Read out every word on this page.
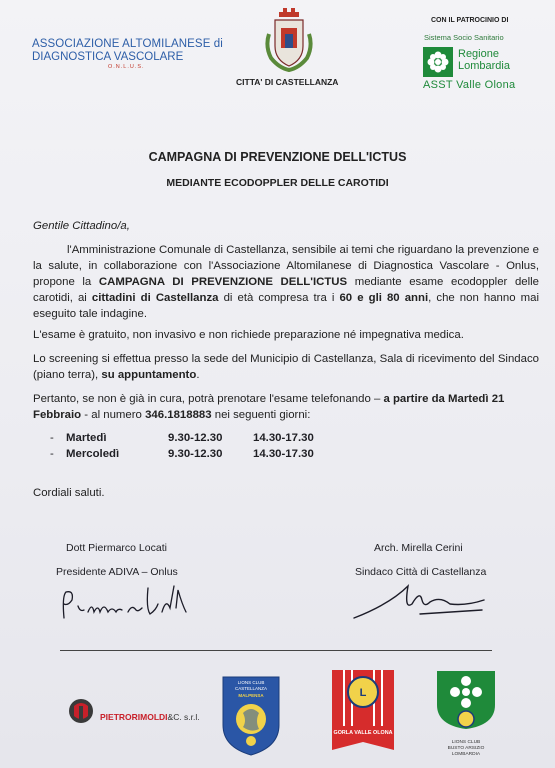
ASSOCIAZIONE ALTOMILANESE di
DIAGNOSTICA VASCOLARE
O.N.L.U.S.
CITTA' DI CASTELLANZA
CON IL PATROCINIO DI
Sistema Socio Sanitario
Regione
Lombardia
ASST Valle Olona
CAMPAGNA DI PREVENZIONE DELL'ICTUS
MEDIANTE ECODOPPLER DELLE CAROTIDI
Gentile Cittadino/a,
l'Amministrazione Comunale di Castellanza, sensibile ai temi che riguardano la prevenzione e la salute, in collaborazione con l'Associazione Altomilanese di Diagnostica Vascolare - Onlus, propone la CAMPAGNA DI PREVENZIONE DELL'ICTUS mediante esame ecodoppler delle carotidi, ai cittadini di Castellanza di età compresa tra i 60 e gli 80 anni, che non hanno mai eseguito tale indagine.
L'esame è gratuito, non invasivo e non richiede preparazione né impegnativa medica.
Lo screening si effettua presso la sede del Municipio di Castellanza, Sala di ricevimento del Sindaco (piano terra), su appuntamento.
Pertanto, se non è già in cura, potrà prenotare l'esame telefonando – a partire da Martedì 21 Febbraio - al numero 346.1818883 nei seguenti giorni:
- Martedì	9.30-12.30	14.30-17.30
- Mercoledì	9.30-12.30	14.30-17.30
Cordiali saluti.
Dott Piermarco Locati
Presidente ADIVA – Onlus
Arch. Mirella Cerini
Sindaco Città di Castellanza
PIETRORIMOLDI&C. s.r.l.
LIONS CLUB
CASTELLANZA
MALPENSA	L
GORLA VALLE OLONA
LIONS CLUB
BUSTO ARSIZIO
LOMBARDIA
